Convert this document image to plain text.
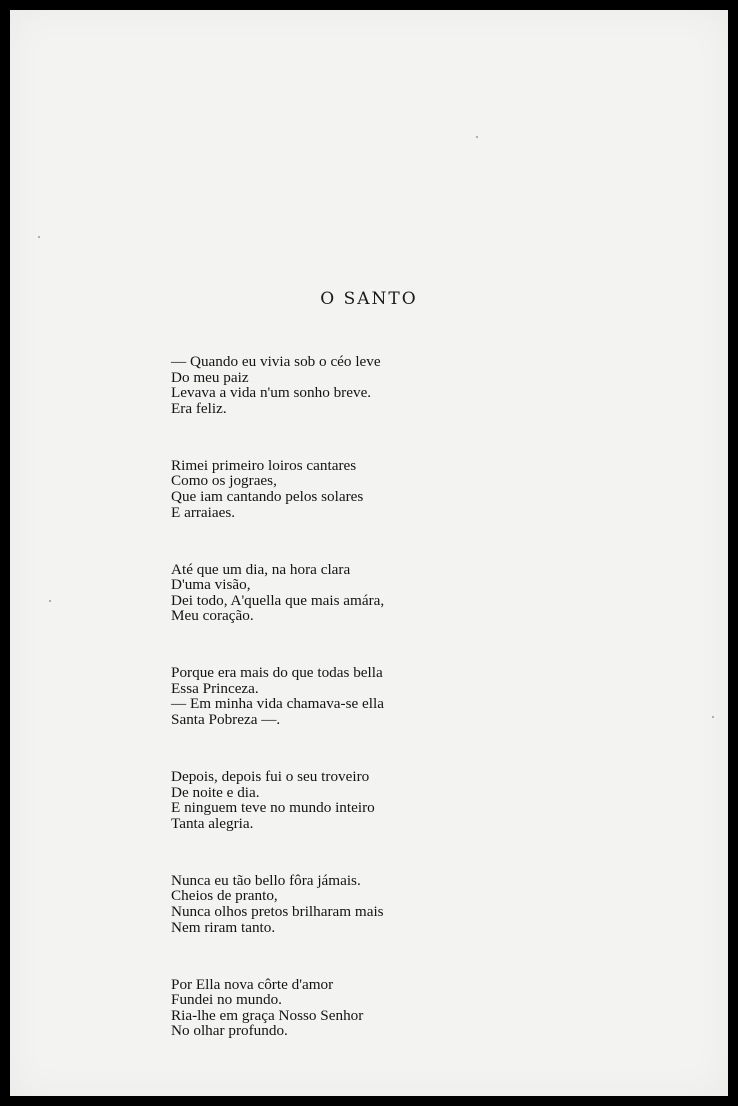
O SANTO
— Quando eu vivia sob o céo leve
Do meu paiz
Levava a vida n'um sonho breve.
Era feliz.
Rimei primeiro loiros cantares
Como os jograes,
Que iam cantando pelos solares
E arraiaes.
Até que um dia, na hora clara
D'uma visão,
Dei todo, A'quella que mais amára,
Meu coração.
Porque era mais do que todas bella
Essa Princeza.
— Em minha vida chamava-se ella
Santa Pobreza —.
Depois, depois fui o seu troveiro
De noite e dia.
E ninguem teve no mundo inteiro
Tanta alegria.
Nunca eu tão bello fôra jámais.
Cheios de pranto,
Nunca olhos pretos brilharam mais
Nem riram tanto.
Por Ella nova côrte d'amor
Fundei no mundo.
Ria-lhe em graça Nosso Senhor
No olhar profundo.
